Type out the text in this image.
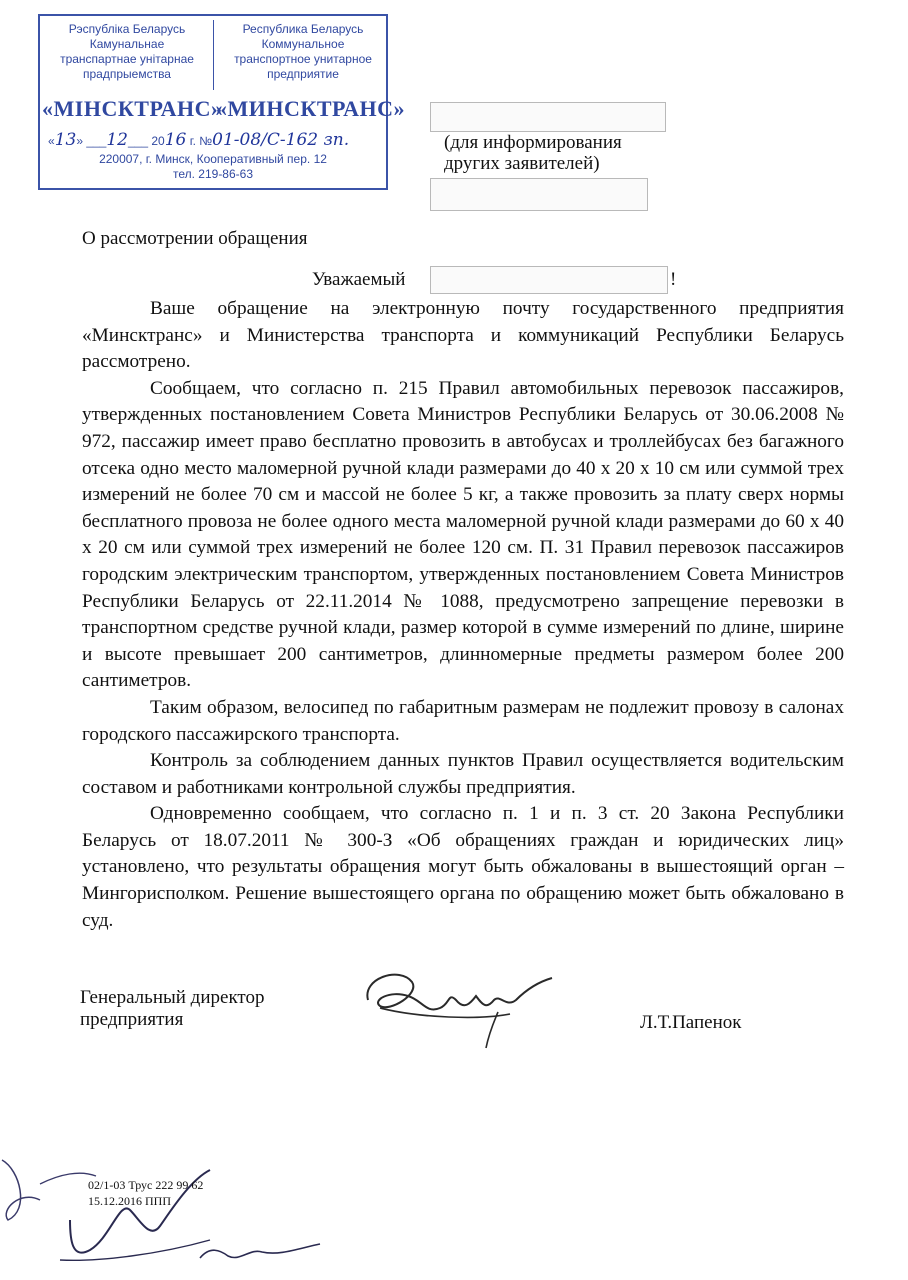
Рэспубліка Беларусь
Камунальнае
транспартнае унітарнае
прадпрыемства
Республика Беларусь
Коммунальное
транспортное унитарное
предприятие
«МІНСКТРАНС»
«МИНСКТРАНС»
«13» ___12___ 2016 г. №01-08/С-162 зп.
220007, г. Минск, Кооперативный пер. 12
тел. 219-86-63
(для информирования
других заявителей)
О рассмотрении обращения
Уважаемый	!

Ваше обращение на электронную почту государственного предприятия «Минсктранс» и Министерства транспорта и коммуникаций Республики Беларусь рассмотрено.

Сообщаем, что согласно п. 215 Правил автомобильных перевозок пассажиров, утвержденных постановлением Совета Министров Республики Беларусь от 30.06.2008 № 972, пассажир имеет право бесплатно провозить в автобусах и троллейбусах без багажного отсека одно место маломерной ручной клади размерами до 40 х 20 х 10 см или суммой трех измерений не более 70 см и массой не более 5 кг, а также провозить за плату сверх нормы бесплатного провоза не более одного места маломерной ручной клади размерами до 60 х 40 х 20 см или суммой трех измерений не более 120 см. П. 31 Правил перевозок пассажиров городским электрическим транспортом, утвержденных постановлением Совета Министров Республики Беларусь от 22.11.2014 № 1088, предусмотрено запрещение перевозки в транспортном средстве ручной клади, размер которой в сумме измерений по длине, ширине и высоте превышает 200 сантиметров, длинномерные предметы размером более 200 сантиметров.

Таким образом, велосипед по габаритным размерам не подлежит провозу в салонах городского пассажирского транспорта.

Контроль за соблюдением данных пунктов Правил осуществляется водительским составом и работниками контрольной службы предприятия.

Одновременно сообщаем, что согласно п. 1 и п. 3 ст. 20 Закона Республики Беларусь от 18.07.2011 № 300-З «Об обращениях граждан и юридических лиц» установлено, что результаты обращения могут быть обжалованы в вышестоящий орган – Мингорисполком. Решение вышестоящего органа по обращению может быть обжаловано в суд.

Генеральный директор
предприятия	Л.Т.Папенок
02/1-03 Трус 222 99 62
15.12.2016 ППП
